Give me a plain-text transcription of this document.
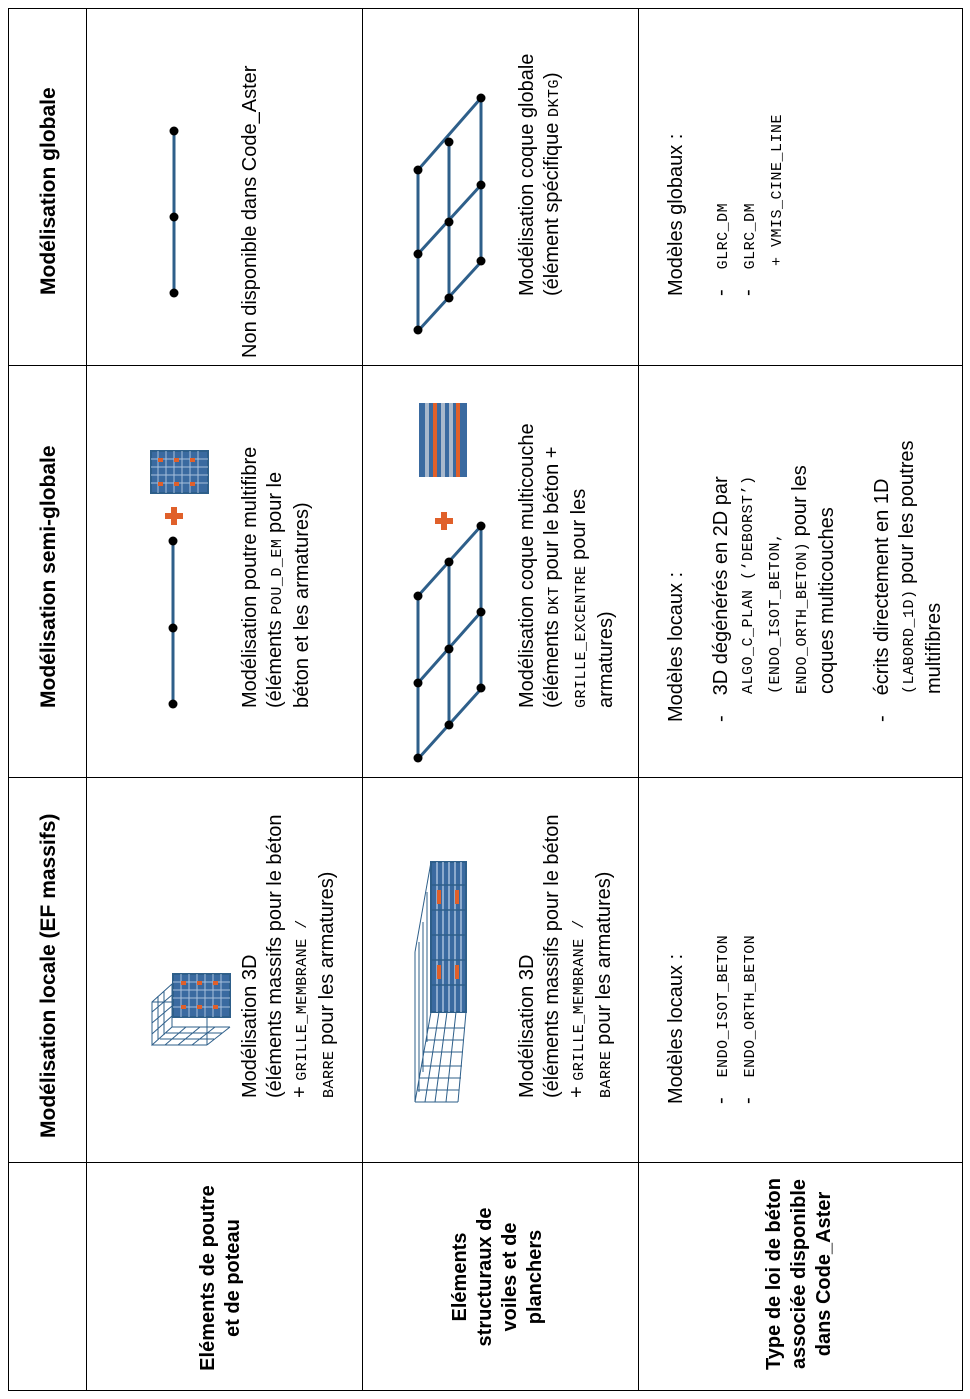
Modélisation globale
Modélisation semi-globale
Modélisation locale (EF massifs)
Eléments de poutre et de poteau	Eléments structuraux de voiles et de planchers	Type de loi de béton associée disponible dans Code_Aster
Non disponible dans Code_Aster
Modélisation poutre multifibre (éléments POU_D_EM pour le béton et les armatures)
Modélisation 3D (éléments massifs pour le béton + GRILLE_MEMBRANE / BARRE pour les armatures)
Modélisation coque globale (élément spécifique DKTG)
Modélisation coque multicouche (éléments DKT pour le béton +
GRILLE_EXCENTRE pour les
armatures)
Modélisation 3D (éléments massifs pour le béton + GRILLE_MEMBRANE / BARRE pour les armatures)
Modèles globaux : -GLRC_DM
-GLRC_DM + VMIS_CINE_LINE
Modèles locaux : -3D dégénérés en 2D par ALGO_C_PLAN (‘DEBORST’) (ENDO_ISOT_BETON, ENDO_ORTH_BETON) pour les
coques multicouches
-écrits directement en 1D (LABORD_1D) pour les poutres
multifibres
Modèles locaux : -ENDO_ISOT_BETON
-ENDO_ORTH_BETON
